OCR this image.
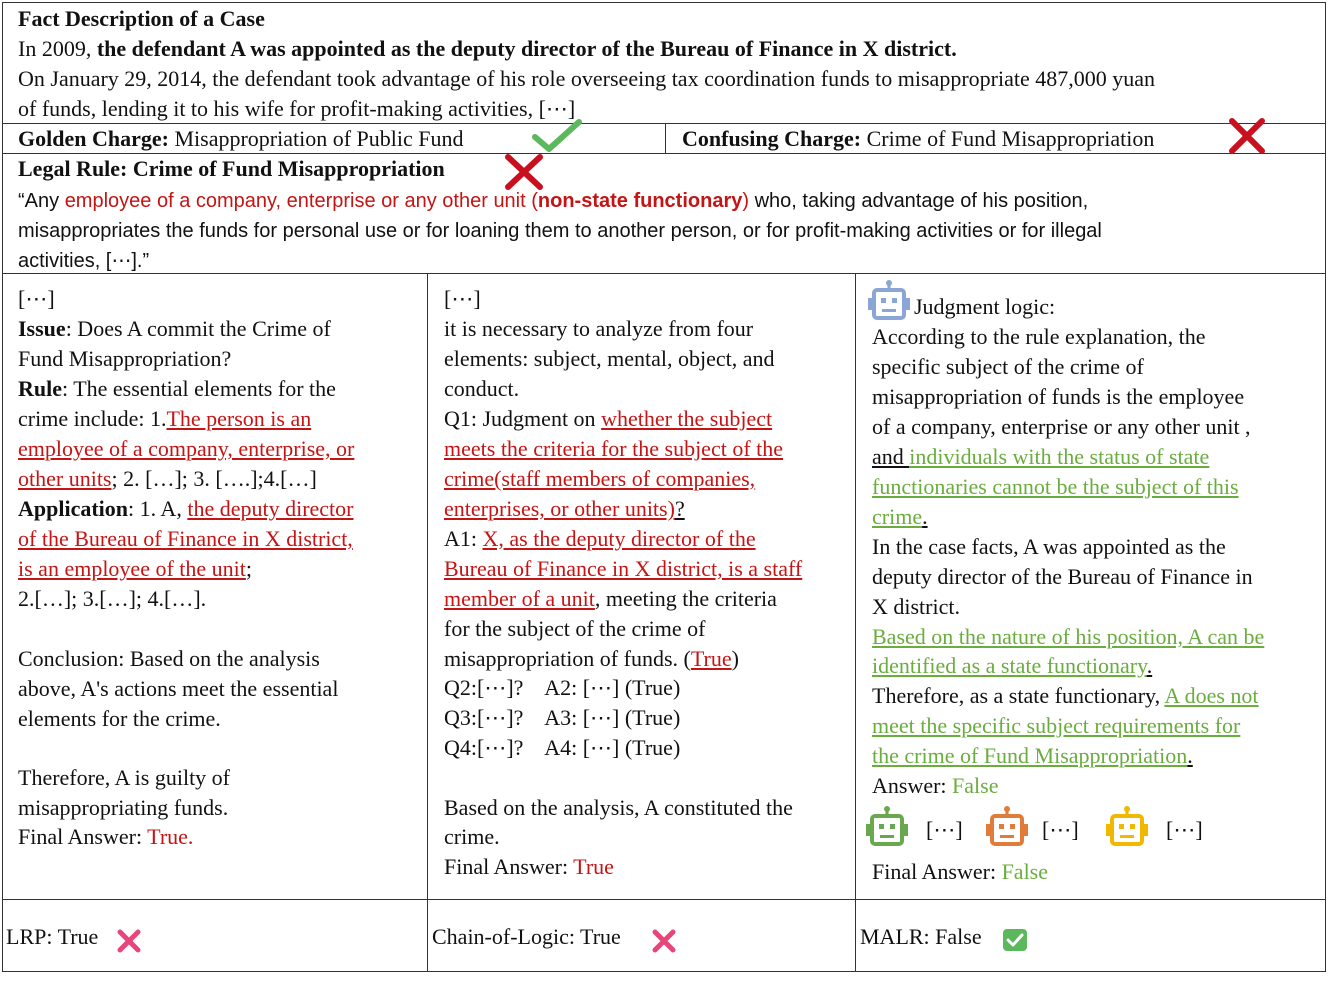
Fact Description of a Case
In 2009, the defendant A was appointed as the deputy director of the Bureau of Finance in X district.
On January 29, 2014, the defendant took advantage of his role overseeing tax coordination funds to misappropriate 487,000 yuan
of funds, lending it to his wife for profit-making activities, [⋯]
Golden Charge: Misappropriation of Public Fund	Confusing Charge: Crime of Fund Misappropriation
Legal Rule: Crime of Fund Misappropriation
“Any employee of a company, enterprise or any other unit (non-state functionary) who, taking advantage of his position,
misappropriates the funds for personal use or for loaning them to another person, or for profit-making activities or for illegal
activities, [⋯].”
[⋯]
Issue: Does A commit the Crime of
Fund Misappropriation?
Rule: The essential elements for the
crime include: 1.The person is an
employee of a company, enterprise, or
other units; 2. […]; 3. [….];4.[…]
Application: 1. A, the deputy director
of the Bureau of Finance in X district,
is an employee of the unit;
2.[…]; 3.[…]; 4.[…].
Conclusion: Based on the analysis
above, A's actions meet the essential
elements for the crime.
Therefore, A is guilty of
misappropriating funds.
Final Answer: True.
[⋯]
it is necessary to analyze from four
elements: subject, mental, object, and
conduct.
Q1: Judgment on whether the subject
meets the criteria for the subject of the
crime(staff members of companies,
enterprises, or other units)?
A1: X, as the deputy director of the
Bureau of Finance in X district, is a staff
member of a unit, meeting the criteria
for the subject of the crime of
misappropriation of funds. (True)
Q2:[⋯]?    A2: [⋯] (True)
Q3:[⋯]?    A3: [⋯] (True)
Q4:[⋯]?    A4: [⋯] (True)
Based on the analysis, A constituted the
crime.
Final Answer: True
Judgment logic:
According to the rule explanation, the
specific subject of the crime of
misappropriation of funds is the employee
of a company, enterprise or any other unit ,
and individuals with the status of state
functionaries cannot be the subject of this
crime.
In the case facts, A was appointed as the
deputy director of the Bureau of Finance in
X district.
Based on the nature of his position, A can be
identified as a state functionary.
Therefore, as a state functionary, A does not
meet the specific subject requirements for
the crime of Fund Misappropriation.
Answer: False
[⋯]	[⋯]	[⋯]
Final Answer: False
LRP: True	Chain-of-Logic: True	MALR: False
